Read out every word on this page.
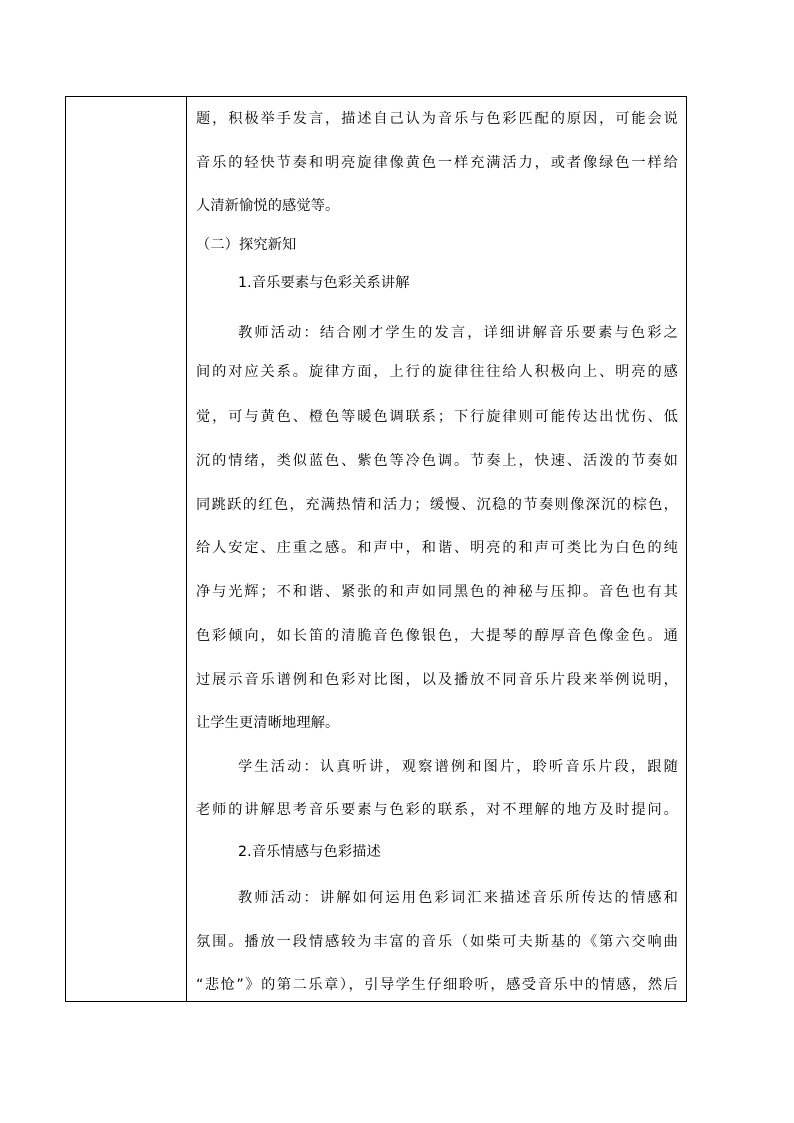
题，积极举手发言，描述自己认为音乐与色彩匹配的原因，可能会说
音乐的轻快节奏和明亮旋律像黄色一样充满活力，或者像绿色一样给
人清新愉悦的感觉等。
（二）探究新知
1.音乐要素与色彩关系讲解
教师活动：结合刚才学生的发言，详细讲解音乐要素与色彩之
间的对应关系。旋律方面，上行的旋律往往给人积极向上、明亮的感
觉，可与黄色、橙色等暖色调联系；下行旋律则可能传达出忧伤、低
沉的情绪，类似蓝色、紫色等冷色调。节奏上，快速、活泼的节奏如
同跳跃的红色，充满热情和活力；缓慢、沉稳的节奏则像深沉的棕色，
给人安定、庄重之感。和声中，和谐、明亮的和声可类比为白色的纯
净与光辉；不和谐、紧张的和声如同黑色的神秘与压抑。音色也有其
色彩倾向，如长笛的清脆音色像银色，大提琴的醇厚音色像金色。通
过展示音乐谱例和色彩对比图，以及播放不同音乐片段来举例说明，
让学生更清晰地理解。
学生活动：认真听讲，观察谱例和图片，聆听音乐片段，跟随
老师的讲解思考音乐要素与色彩的联系，对不理解的地方及时提问。
2.音乐情感与色彩描述
教师活动：讲解如何运用色彩词汇来描述音乐所传达的情感和
氛围。播放一段情感较为丰富的音乐（如柴可夫斯基的《第六交响曲
“悲怆”》的第二乐章），引导学生仔细聆听，感受音乐中的情感，然后
